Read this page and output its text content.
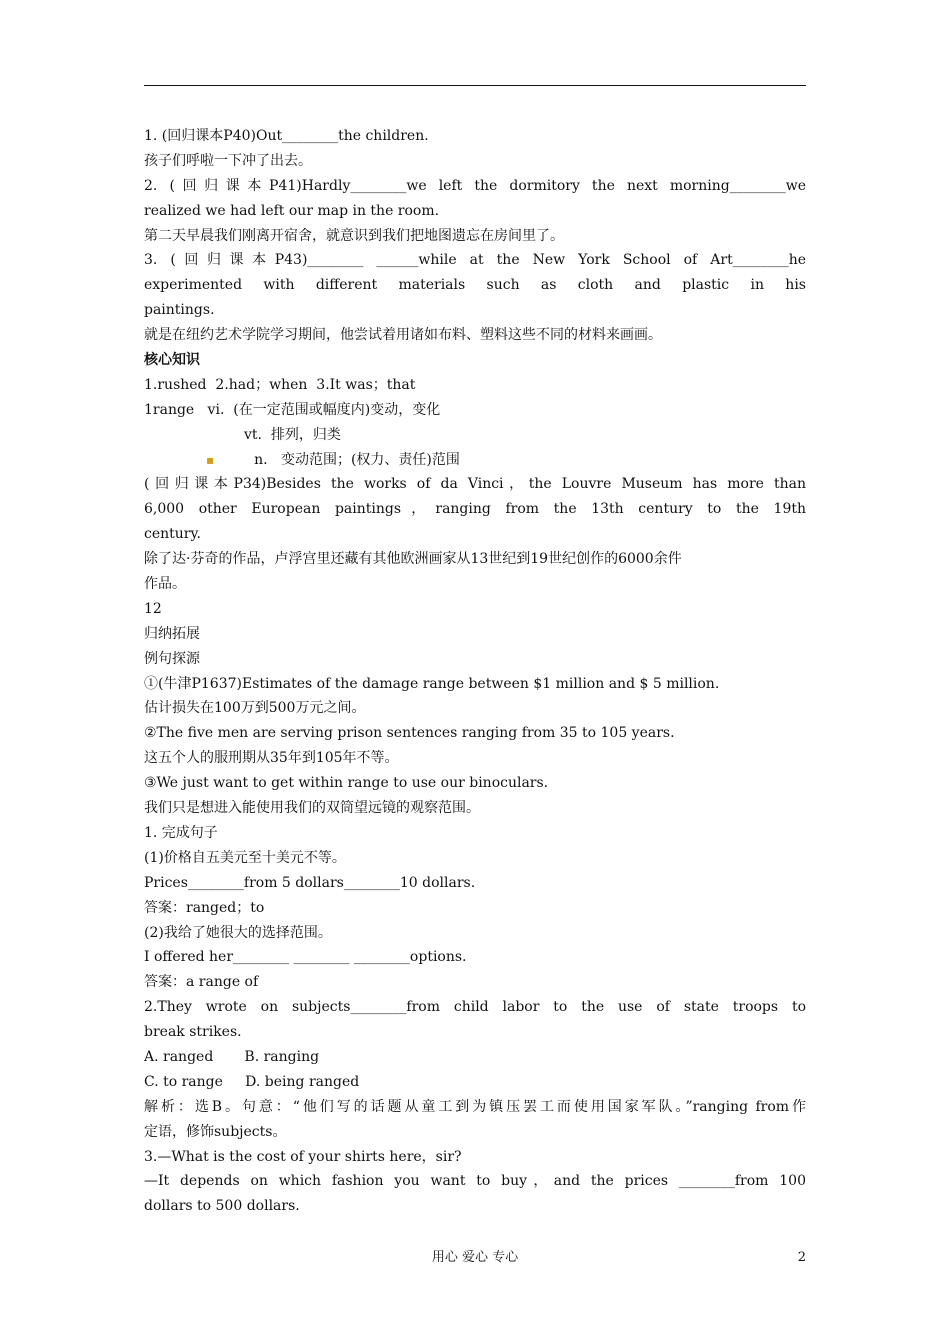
1. (回归课本P40)Out________the children.
孩子们呼啦一下冲了出去。
2. (回归课本P41)Hardly________we left the dormitory the next morning________we
realized we had left our map in the room.
第二天早晨我们刚离开宿舍，就意识到我们把地图遗忘在房间里了。
3. (回归课本P43)________ ______while at the New York School of Art________he
experimented with different materials such as cloth and plastic in his
paintings.
就是在纽约艺术学院学习期间，他尝试着用诸如布料、塑料这些不同的材料来画画。
核心知识
1.rushed  2.had；when  3.It was；that
1range   vi.  (在一定范围或幅度内)变动，变化
vt.  排列，归类
▪	n.   变动范围；(权力、责任)范围
(回归课本P34)Besides the works of da Vinci，the Louvre Museum has more than
6,000 other European paintings，ranging from the 13th century to the 19th
century.
除了达·芬奇的作品，卢浮宫里还藏有其他欧洲画家从13世纪到19世纪创作的6000余件
作品。
12
归纳拓展
例句探源
①(牛津P1637)Estimates of the damage range between $1 million and $ 5 million.
估计损失在100万到500万元之间。
②The five men are serving prison sentences ranging from 35 to 105 years.
这五个人的服刑期从35年到105年不等。
③We just want to get within range to use our binoculars.
我们只是想进入能使用我们的双筒望远镜的观察范围。
1. 完成句子
(1)价格自五美元至十美元不等。
Prices________from 5 dollars________10 dollars.
答案：ranged；to
(2)我给了她很大的选择范围。
I offered her________ ________ ________options.
答案：a range of
2.They wrote on subjects________from child labor to the use of state troops to
break strikes.
A. ranged       B. ranging
C. to range     D. being ranged
解析：选B。句意：“他们写的话题从童工到为镇压罢工而使用国家军队。”ranging from作
定语，修饰subjects。
3.—What is the cost of your shirts here，sir?
—It depends on which fashion you want to buy，and the prices ________from 100
dollars to 500 dollars.
用心 爱心 专心	2
